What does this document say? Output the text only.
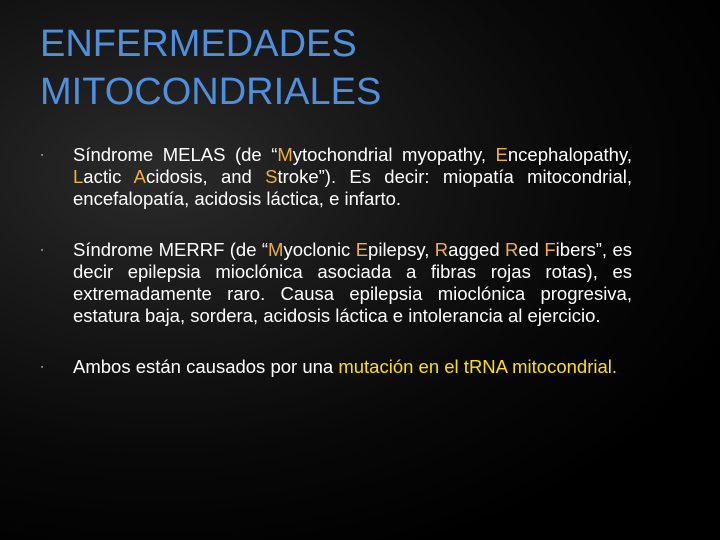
ENFERMEDADES
MITOCONDRIALES
ᐧ Síndrome MELAS (de “Mytochondrial myopathy, Encephalopathy, Lactic Acidosis, and Stroke”). Es decir: miopatía mitocondrial, encefalopatía, acidosis láctica, e infarto.
ᐧ Síndrome MERRF (de “Myoclonic Epilepsy, Ragged Red Fibers”, es decir epilepsia mioclónica asociada a fibras rojas rotas), es extremadamente raro. Causa epilepsia mioclónica progresiva, estatura baja, sordera, acidosis láctica e intolerancia al ejercicio.
ᐧ Ambos están causados por una mutación en el tRNA mitocondrial.
